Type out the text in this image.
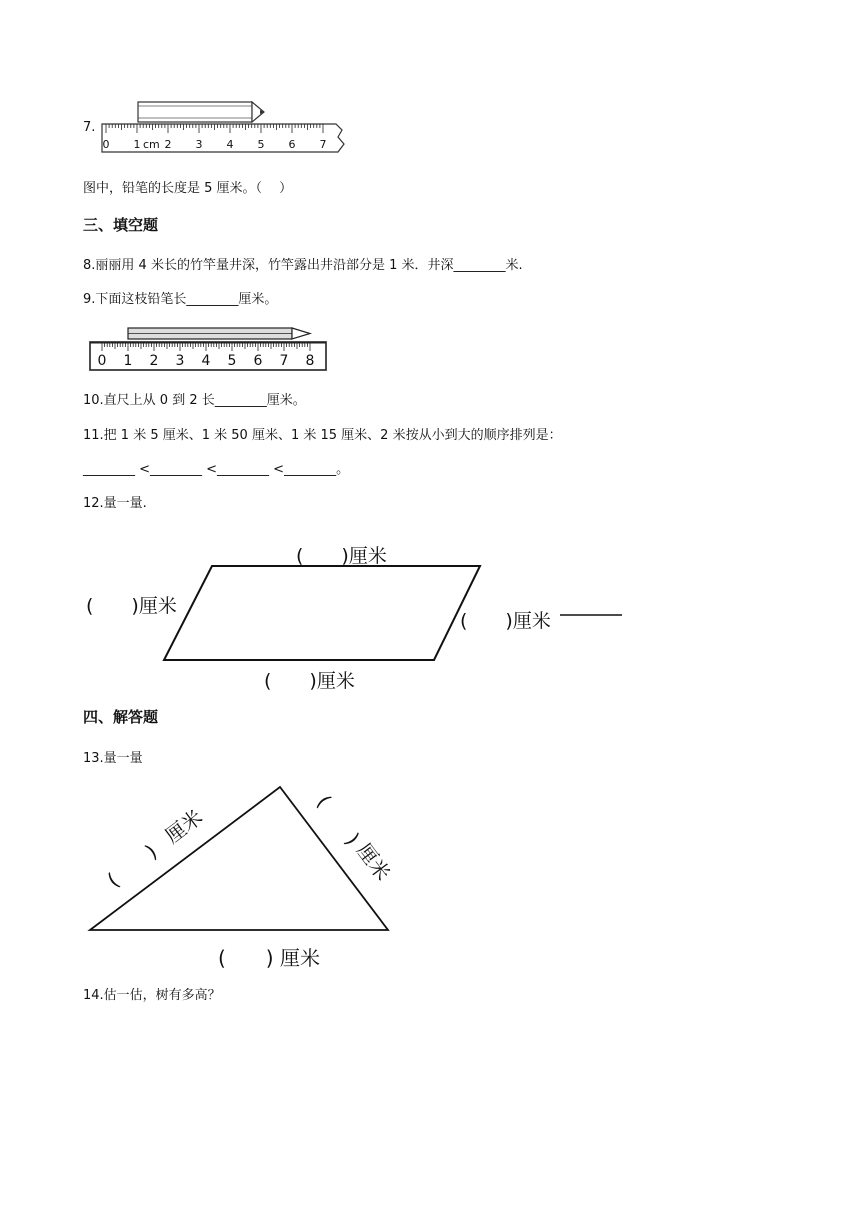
7.
0 1 cm 2 3 4 5 6 7
图中，铅笔的长度是 5 厘米。（　 ）
三、填空题
8.丽丽用 4 米长的竹竿量井深，竹竿露出井沿部分是 1 米．井深________米.
9.下面这枝铅笔长________厘米。
0 1 2 3 4 5 6 7 8
10.直尺上从 0 到 2 长________厘米。
11.把 1 米 5 厘米、1 米 50 厘米、1 米 15 厘米、2 米按从小到大的顺序排列是：
________ <________ <________ <________。
12.量一量.
(　　)厘米
(　　)厘米
(　　)厘米
(　　)厘米
四、解答题
13.量一量
(　　)
厘米	(　　)
厘米
(　　) 厘米
14.估一估，树有多高？
